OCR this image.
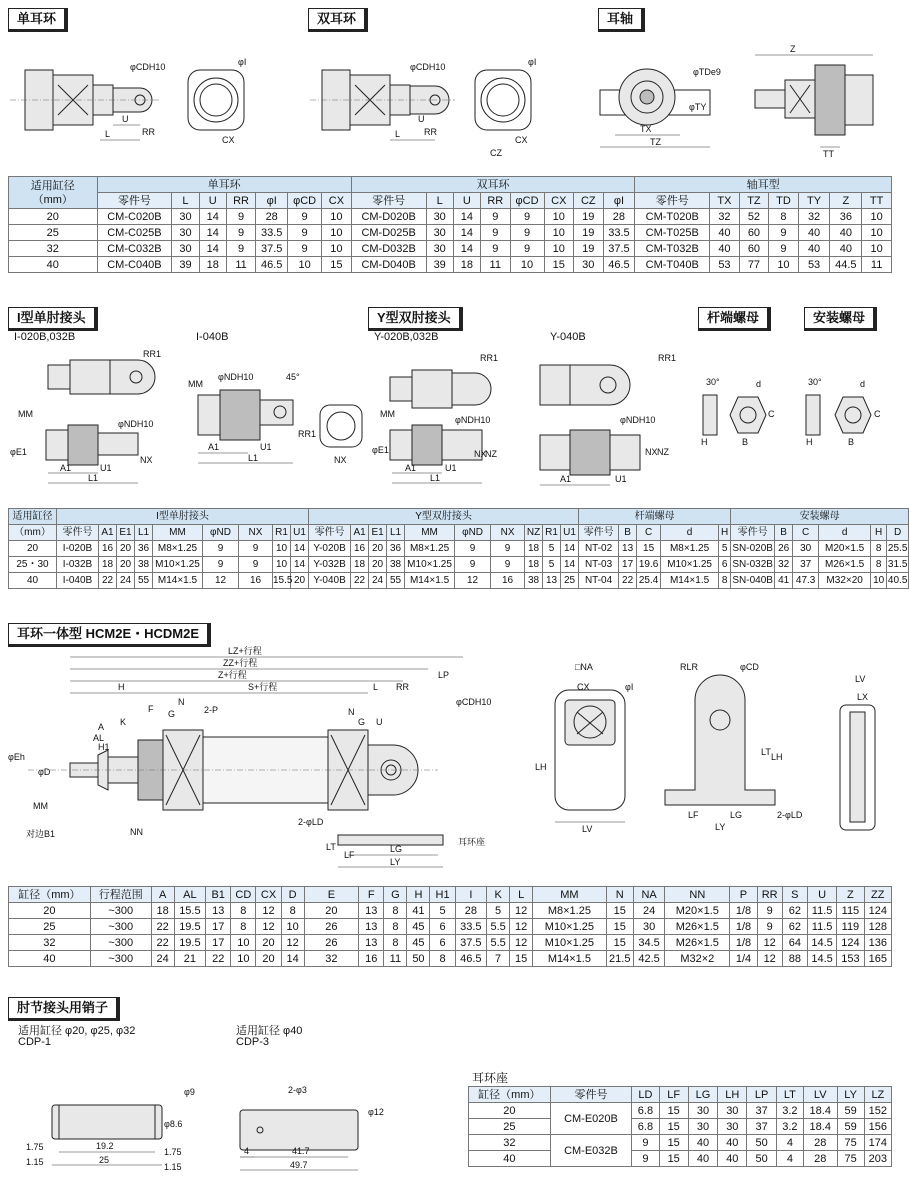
单耳环	双耳环	耳轴
L
U
RR
φCDH10	φI
CX
L
U
RR
φCDH10	φI
CX
CZ
TX
TZ
φTY
φTDe9
Z
TT
适用缸径
（mm）	单耳环							双耳环								轴耳型						
	零件号	L	U	RR	φI	φCD	CX	零件号	L	U	RR	φCD	CX	CZ	φI	零件号	TX	TZ	TD	TY	Z	TT
20	CM-C020B	30	14	9	28	9	10	CM-D020B	30	14	9	9	10	19	28	CM-T020B	32	52	8	32	36	10
25	CM-C025B	30	14	9	33.5	9	10	CM-D025B	30	14	9	9	10	19	33.5	CM-T025B	40	60	9	40	40	10
32	CM-C032B	30	14	9	37.5	9	10	CM-D032B	30	14	9	9	10	19	37.5	CM-T032B	40	60	9	40	40	10
40	CM-C040B	39	18	11	46.5	10	15	CM-D040B	39	18	11	10	15	30	46.5	CM-T040B	53	77	10	53	44.5	11
I型单肘接头	Y型双肘接头	杆端螺母	安装螺母
I-020B,032B	I-040B	Y-020B,032B	Y-040B
RR1
A1
L1
U1
MM
φE1
φNDH10
NX
MM
φNDH10	45°
A1
L1
U1
RR1
NX
RR1
MM
φE1
φNDH10
NX
NZ
A1
L1
U1
RR1
φNDH10
NX NZ
A1	U1
30°	d
B
C
H
30°	d
B
C
H
适用缸径	I型单肘接头									Y型双肘接头										杆端螺母					安装螺母					
（mm）	零件号	A1	E1	L1	MM	φND	NX	R1	U1	零件号	A1	E1	L1	MM	φND	NX	NZ	R1	U1	零件号	B	C	d	H	零件号	B	C	d	H	D
20	I-020B	16	20	36	M8×1.25	9	9	10	14	Y-020B	16	20	36	M8×1.25	9	9	18	5	14	NT-02	13	15	M8×1.25	5	SN-020B	26	30	M20×1.5	8	25.5
25・30	I-032B	18	20	38	M10×1.25	9	9	10	14	Y-032B	18	20	38	M10×1.25	9	9	18	5	14	NT-03	17	19.6	M10×1.25	6	SN-032B	32	37	M26×1.5	8	31.5
40	I-040B	22	24	55	M14×1.5	12	16	15.5	20	Y-040B	22	24	55	M14×1.5	12	16	38	13	25	NT-04	22	25.4	M14×1.5	8	SN-040B	41	47.3	M32×20	10	40.5
耳环一体型 HCM2E・HCDM2E
LZ+行程
ZZ+行程
Z+行程
H	S+行程	L RR
LP
A
AL
H1
K
F G
N
2-P	N
G U
φCDH10
φEh
φD
MM
对边B1	NN
2-φLD
LT
LF
LG
LY
耳环座
□NA
CX	φI
LV
LH
RLR	φCD
LT LH
LF	LG
LY
2-φLD
LV
LX
缸径（mm）	行程范围	A	AL	B1	CD	CX	D	E	F	G	H	H1	I	K	L	MM	N	NA	NN	P	RR	S	U	Z	ZZ
20	~300	18	15.5	13	8	12	8	20	13	8	41	5	28	5	12	M8×1.25	15	24	M20×1.5	1/8	9	62	11.5	115	124
25	~300	22	19.5	17	8	12	10	26	13	8	45	6	33.5	5.5	12	M10×1.25	15	30	M26×1.5	1/8	9	62	11.5	119	128
32	~300	22	19.5	17	10	20	12	26	13	8	45	6	37.5	5.5	12	M10×1.25	15	34.5	M26×1.5	1/8	12	64	14.5	124	136
40	~300	24	21	22	10	20	14	32	16	11	50	8	46.5	7	15	M14×1.5	21.5	42.5	M32×2	1/4	12	88	14.5	153	165
肘节接头用销子
适用缸径 φ20, φ25, φ32
CDP-1
适用缸径 φ40
CDP-3
φ9
φ8.6
1.75
1.15
19.2
25
1.75
1.15
2-φ3
φ12
4	41.7
49.7
耳环座
缸径（mm）	零件号	LD	LF	LG	LH	LP	LT	LV	LY	LZ
20	CM-E020B	6.8	15	30	30	37	3.2	18.4	59	152
25		6.8	15	30	30	37	3.2	18.4	59	156
32	CM-E032B	9	15	40	40	50	4	28	75	174
40		9	15	40	40	50	4	28	75	203
